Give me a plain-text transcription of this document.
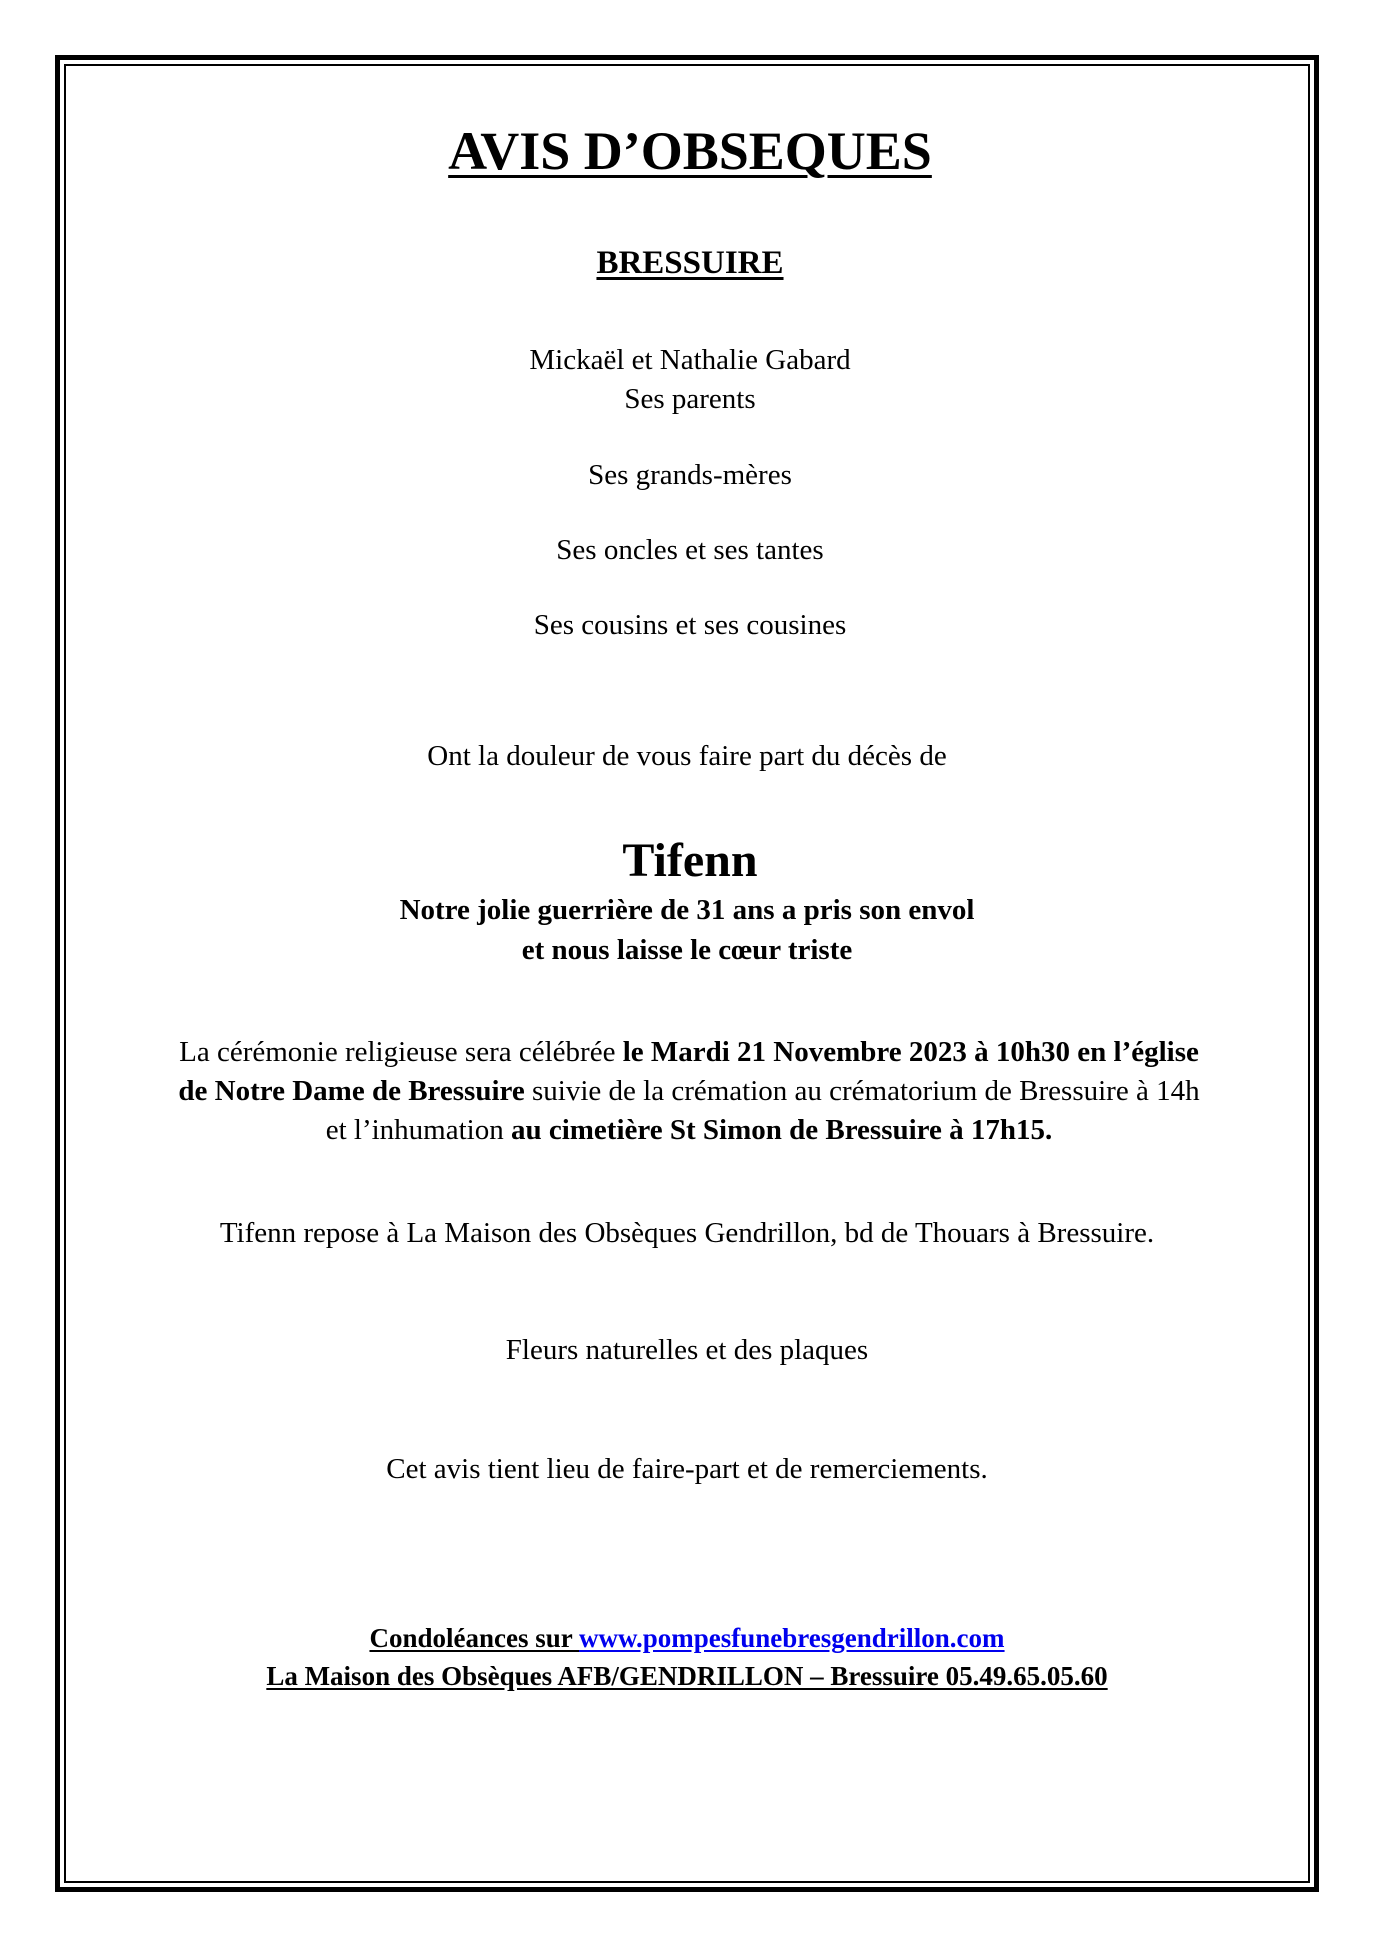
AVIS D’OBSEQUES
BRESSUIRE
Mickaël et Nathalie Gabard
Ses parents
Ses grands-mères
Ses oncles et ses tantes
Ses cousins et ses cousines
Ont la douleur de vous faire part du décès de
Tifenn
Notre jolie guerrière de 31 ans a pris son envol
et nous laisse le cœur triste

La cérémonie religieuse sera célébrée le Mardi 21 Novembre 2023 à 10h30 en l’église

de Notre Dame de Bressuire suivie de la crémation au crématorium de Bressuire à 14h

et l’inhumation au cimetière St Simon de Bressuire à 17h15.

Tifenn repose à La Maison des Obsèques Gendrillon, bd de Thouars à Bressuire.
Fleurs naturelles et des plaques
Cet avis tient lieu de faire-part et de remerciements.
Condoléances sur www.pompesfunebresgendrillon.com
La Maison des Obsèques AFB/GENDRILLON – Bressuire 05.49.65.05.60
